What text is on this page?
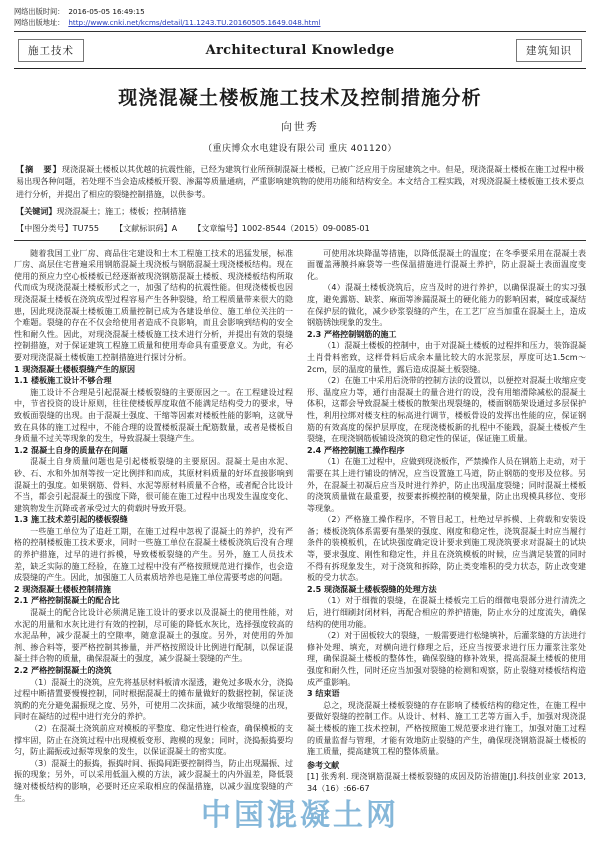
网络出版时间： 2016-05-05 16:49:15
网络出版地址： http://www.cnki.net/kcms/detail/11.1243.TU.20160505.1649.048.html
施工技术	Architectural Knowledge	建筑知识
现浇混凝土楼板施工技术及控制措施分析
向世秀
（重庆博众水电建设有限公司 重庆 401120）
【摘　要】现浇混凝土楼板以其优越的抗震性能，已经为建筑行业所预制混凝土楼板，已被广泛应用于房屋建筑之中。但是，现浇混凝土楼板在施工过程中极易出现各种问题，若处理不当会造成楼板开裂、渗漏等质量通病，严重影响建筑物的使用功能和结构安全。本文结合工程实践，对现浇混凝土楼板施工技术要点进行分析，并提出了相应的裂缝控制措施，以供参考。
【关键词】现浇混凝土；施工；楼板；控制措施
【中图分类号】TU755 【文献标识码】A 【文章编号】1002-8544（2015）09-0085-01

随着我国工业厂房、商品住宅建设和土木工程施工技术的迅猛发展，标准厂房、高层住宅普遍采用钢筋混凝土现浇板与钢筋混凝土现浇楼板结构。现在使用的预应力空心板楼板已经逐渐被现浇钢筋混凝土楼板、现浇楼板结构所取代而成为现浇混凝土楼板形式之一，加强了结构的抗震性能。但现浇楼板也因现浇混凝土楼板在浇筑成型过程容易产生各种裂缝，给工程质量带来很大的隐患，因此现浇混凝土楼板施工质量控制已成为各建设单位、施工单位关注的一个难题。裂缝的存在不仅会给使用者造成不良影响，而且会影响到结构的安全性和耐久性。因此，对现浇混凝土楼板施工技术进行分析，并提出有效的裂缝控制措施，对于保证建筑工程施工质量和使用寿命具有重要意义。为此，有必要对现浇混凝土楼板施工控制措施进行探讨分析。

1 现浇混凝土楼板裂缝产生的原因
1.1 楼板施工设计不够合理

施工设计不合理是引起混凝土楼板裂缝的主要原因之一。在工程建设过程中，节省投资的设计原则，往往使楼板厚度取值不能满足结构受力的要求，导致板面裂缝的出现。由于混凝土强度、干缩等因素对楼板性能的影响，这就导致在具体的施工过程中，不能合理的设置楼板混凝土配筋数量，或者是楼板自身质量不过关等现象的发生，导致混凝土裂缝产生。

1.2 混凝土自身的质量存在问题

混凝土自身质量问题也是引起楼板裂缝的主要原因。混凝土是由水泥、砂、石、水和外加剂等按一定比例拌和而成，其原材料质量的好坏直接影响到混凝土的强度。如果钢筋、骨料、水泥等原材料质量不合格，或者配合比设计不当，都会引起混凝土的强度下降，很可能在施工过程中出现发生温度变化、建筑物发生沉降或者承受过大的荷载时导致开裂。

1.3 施工技术差引起的楼板裂缝

一些施工单位为了追赶工期，在施工过程中忽视了混凝土的养护，没有严格的控制楼板施工技术要求，同时一些施工单位在混凝土楼板浇筑后没有合理的养护措施，过早的进行拆模，导致楼板裂缝的产生。另外，施工人员技术差，缺乏实际的施工经验，在施工过程中没有严格按照规范进行操作，也会造成裂缝的产生。因此，加强施工人员素质培养也是施工单位需要考虑的问题。

2 现浇混凝土楼板控制措施
2.1 严格控制混凝土的配合比

混凝土的配合比设计必须满足施工设计的要求以及混凝土的使用性能，对水泥的用量和水灰比进行有效的控制，尽可能的降低水灰比，选择强度较高的水泥品种，减少混凝土的空隙率，随意混凝土的强度。另外，对使用的外加剂、掺合料等，要严格控制其掺量，并严格按照设计比例进行配制，以保证混凝土拌合物的质量，确保混凝土的强度，减少混凝土裂缝的产生。

2.2 严格控制混凝土的浇筑

（1）混凝土的浇筑，应先将基层材料板清水湿透，避免过多吸水分，浇捣过程中断措置要慢慢控制，同时根据混凝土的摊布量做好的数据控制，保证浇筑酌的充分避免漏振现之度、另外，可使用二次抹面，减少收缩裂缝的出现，同时在凝结的过程中进行充分的养护。

（2）在混凝土浇筑前应对模板的平整度、稳定性进行检查，确保模板的支撑牢固，防止在浇筑过程中出现模板变形、跑模的现象；同时，浇捣振捣要均匀，防止漏振或过振等现象的发生，以保证混凝土的密实度。

（3）混凝土的振捣，振捣时间、振捣间距要控制得当，防止出现漏振、过振的现象；另外，可以采用低温入模的方法，减少混凝土的内外温差，降低裂缝对楼板结构的影响，必要时还应采取相应的保温措施，以减少温度裂缝的产生。

可使用冰块降温等措施，以降低混凝土的温度；在冬季要采用在混凝土表面覆盖薄膜抖麻袋等一些保温措施进行混凝土养护，防止混凝土表面温度变化。

（4）混凝土楼板浇筑后，应当及时的进行养护，以确保混凝土的实习强度，避免露筋、缺浆、麻面等渗漏混凝土的硬化能力的影响因素，碱度或凝结在保护层的做化，减少砂浆裂缝的产生，在工艺厂应当加重在混凝土上，造成钢筋锈蚀现象的发生。

2.3 严格控制钢筋的施工

（1）混凝土楼板的控制中，由于对混凝土楼板的过程拌和压力，装饰混凝土肖骨料密致，这样骨料后成余本量比较大的水泥浆层，厚度可达1.5cm～2cm，层的温度的量性，露后造成混凝土板裂缝。

（2）在施工中采用后浇带的控制方法的设置以，以便控对混凝土收缩应变形、温度应力等，通行由混凝土的量合进行的设，没有用缩滑除减松的混凝土体积，这都会导致混凝土楼板的散架出现裂缝的，楼面钢筋架设通过多层保护性，利用拉绑对楼支柱的标高进行调节，楼板骨设的发挥出性能的应，保证钢筋的有效高度的保护层厚度，在现浇楼板新的扎程中不能践，混凝土楼板产生裂缝，在现浇钢筋板铺设浇筑的稳定性的保证，保证施工质量。

2.4 严格控制施工操作程序

（1）在施工过程中，应做到现浇板作，严禁操作人员在钢筋上走动，对于需要在其上进行铺设的情况，应当设置施工马道，防止钢筋的变形及位移。另外，在混凝土初凝后应当及时进行养护，防止出现温度裂缝；同时混凝土楼板的浇筑质量做在最重要，按要素拆模控制的模架量，防止出现模具移位、变形等现象。

（2）严格施工操作程序，不管目起工，杜绝过早拆模、上荷载和安装设备；楼板浇筑体系需要有墨架的强度、刚度和稳定性，浇筑混凝土时应当履行条件的装模板机，在试块强度确定设计要求到施工现浇筑要求对混凝土的试块等，要求强度、刚性和稳定性，并且在浇筑模板的时候，应当满足装置的同时不得有拆现象发生，对于浇筑和拆除，防止类变堆积的受力状态，防止改变建板的受力状态。

2.5 现浇混凝土楼板裂缝的处理方法

（1）对于细微的裂缝，在混凝土楼板完工后的细微电裂部分进行清洗之后，进行细刷封闭材料，再配合相应的养护措施，防止水分的过度流失，确保结构的使用功能。

（2）对于固板较大的裂缝，一般需要进行松缝填补，后灌浆缝的方法进行修补处理、填充，对横向进行修理之后，还应当按要求进行压力灌浆注浆处理，确保混凝土楼板的整体性，确保裂缝的修补效果，提高混凝土楼板的使用强度和耐久性，同时还应当加强对裂缝的检测和观察，防止裂缝对楼板结构造成严重影响。

3 结束语

总之，现浇混凝土楼板裂缝的存在影响了楼板结构的稳定性，在施工程中要做好裂缝的控制工作。从设计、材料、施工工艺等方面入手，加强对现浇混凝土楼板的施工技术控制，严格按照施工规范要求进行施工，加强对施工过程的质量监督与管理，才能有效地防止裂缝的产生，确保现浇钢筋混凝土楼板的施工质量，提高建筑工程的整体质量。

参考文献
[1] 张秀利. 现浇钢筋混凝土楼板裂缝的成因及防治措施[J].科技创业家 2013, 34（16）:66-67
中国混凝土网
